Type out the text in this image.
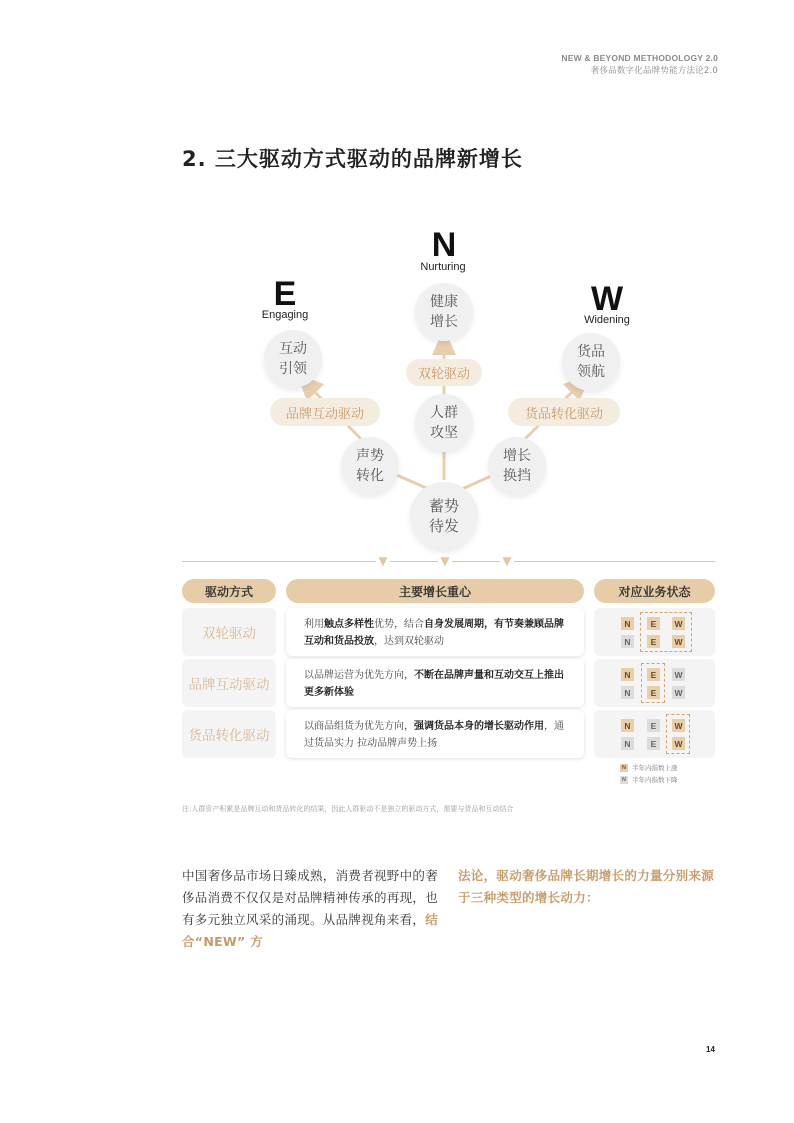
NEW & BEYOND METHODOLOGY 2.0
奢侈品数字化品牌势能方法论2.0
2. 三大驱动方式驱动的品牌新增长
E
Engaging
N
Nurturing
W
Widening
互动
引领
健康
增长
货品
领航
人群
攻坚
声势
转化
增长
换挡
蓄势
待发
品牌互动驱动
双轮驱动
货品转化驱动
▼	▼	▼
驱动方式	主要增长重心	对应业务状态
双轮驱动
利用触点多样性优势，结合自身发展周期，有节奏兼顾品牌互动和货品投放，达到双轮驱动
N	E	W
N	E	W
品牌互动驱动
以品牌运营为优先方向，不断在品牌声量和互动交互上推出更多新体验
N	E	W
N	E	W
货品转化驱动
以商品组货为优先方向，强调货品本身的增长驱动作用，通过货品实力 拉动品牌声势上扬
N	E	W
N	E	W
N 半年内指数上涨
N 半年内指数下降
注:人群资产积累是品牌互动和货品转化的结果，因此人群驱动不是独立的驱动方式，需要与货品和互动结合
中国奢侈品市场日臻成熟，消费者视野中的奢侈品消费不仅仅是对品牌精神传承的再现，也有多元独立风采的涌现。从品牌视角来看，结合“NEW” 方
法论，驱动奢侈品牌长期增长的力量分别来源于三种类型的增长动力：
14
